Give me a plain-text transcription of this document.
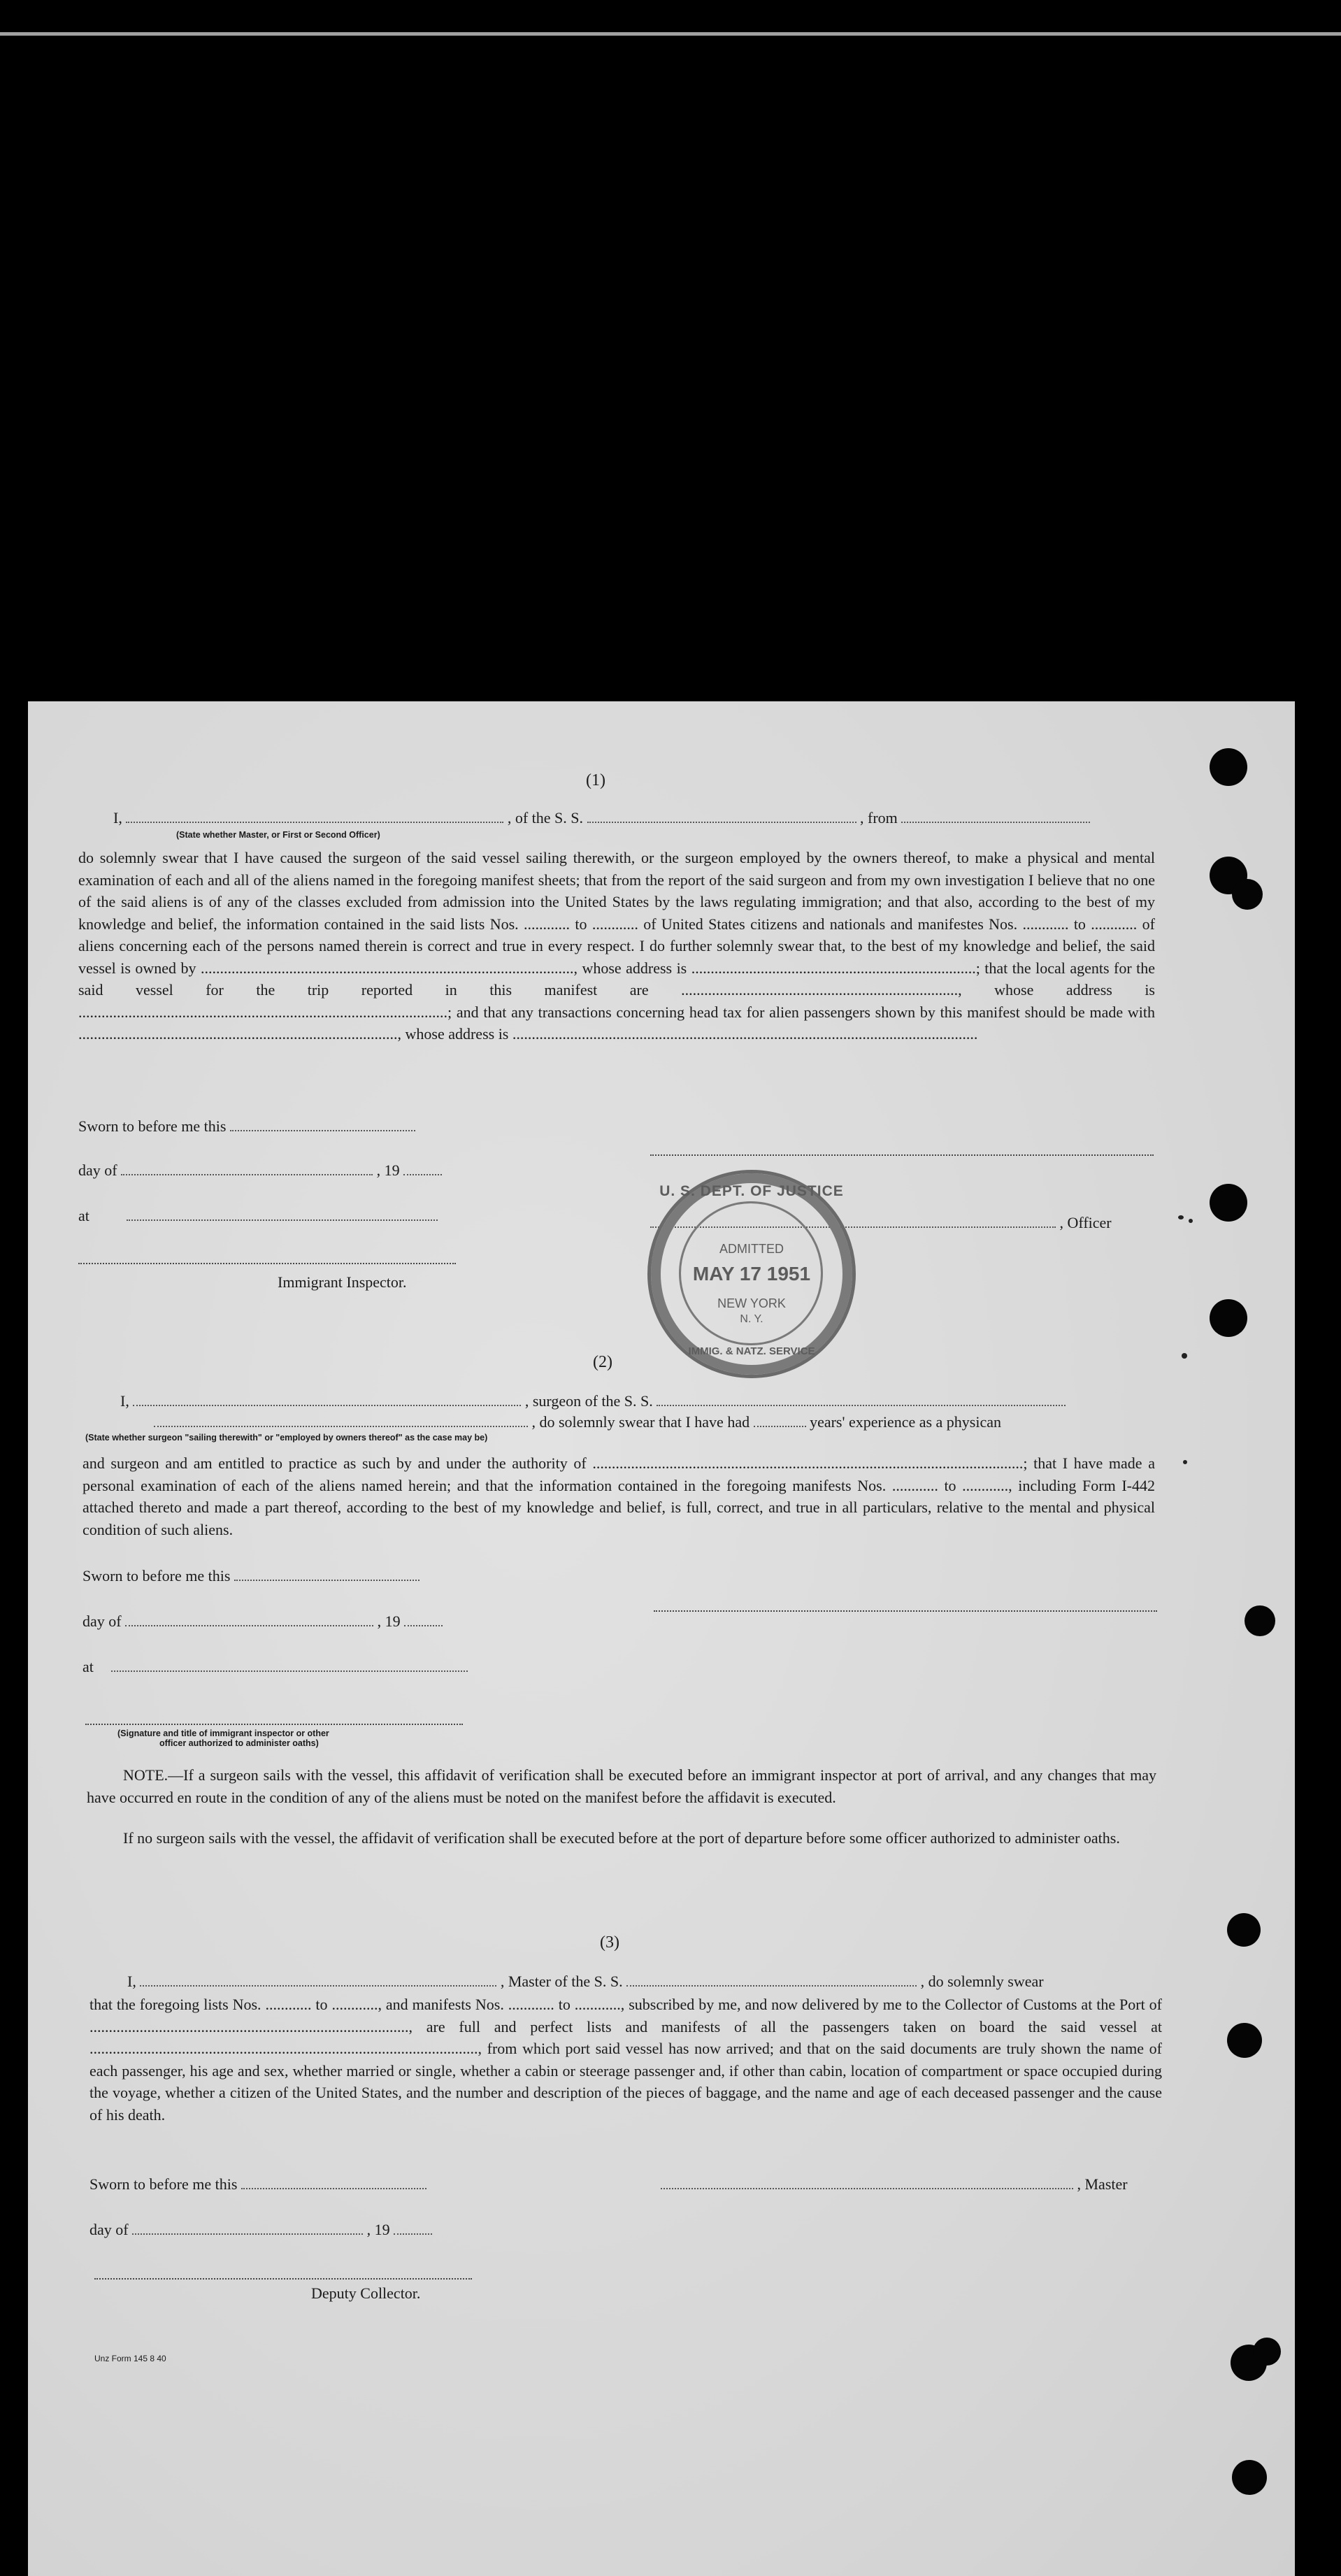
(1)
I,	, of the S. S.	, from
(State whether Master, or First or Second Officer)
do solemnly swear that I have caused the surgeon of the said vessel sailing therewith, or the surgeon employed by the owners thereof, to make a physical and mental examination of each and all of the aliens named in the foregoing manifest sheets; that from the report of the said surgeon and from my own investigation I believe that no one of the said aliens is of any of the classes excluded from admission into the United States by the laws regulating immigration; and that also, according to the best of my knowledge and belief, the information contained in the said lists Nos. ............ to ............ of United States citizens and nationals and manifestes Nos. ............ to ............ of aliens concerning each of the persons named therein is correct and true in every respect. I do further solemnly swear that, to the best of my knowledge and belief, the said vessel is owned by ................................................................................................., whose address is ..........................................................................; that the local agents for the said vessel for the trip reported in this manifest are ........................................................................, whose address is ................................................................................................; and that any transactions concerning head tax for alien passengers shown by this manifest should be made with ..................................................................................., whose address is .........................................................................................................................
Sworn to before me this
day of	, 19
at	, Officer
Immigrant Inspector.
U. S. DEPT. OF JUSTICE
ADMITTED
MAY 17 1951
NEW YORK
N. Y.
IMMIG. & NATZ. SERVICE
(2)
I,	, surgeon of the S. S.
, do solemnly swear that I have had	years' experience as a physican
(State whether surgeon "sailing therewith" or "employed by owners thereof" as the case may be)
and surgeon and am entitled to practice as such by and under the authority of ................................................................................................................; that I have made a personal examination of each of the aliens named herein; and that the information contained in the foregoing manifests Nos. ............ to ............, including Form I-442 attached thereto and made a part thereof, according to the best of my knowledge and belief, is full, correct, and true in all particulars, relative to the mental and physical condition of such aliens.
Sworn to before me this
day of	, 19
at
(Signature and title of immigrant inspector or other
officer authorized to administer oaths)
NOTE.—If a surgeon sails with the vessel, this affidavit of verification shall be executed before an immigrant inspector at port of arrival, and any changes that may have occurred en route in the condition of any of the aliens must be noted on the manifest before the affidavit is executed.
If no surgeon sails with the vessel, the affidavit of verification shall be executed before at the port of departure before some officer authorized to administer oaths.
(3)
I,	, Master of the S. S.	, do solemnly swear
that the foregoing lists Nos. ............ to ............, and manifests Nos. ............ to ............, subscribed by me, and now delivered by me to the Collector of Customs at the Port of ..................................................................................., are full and perfect lists and manifests of all the passengers taken on board the said vessel at ....................................................................................................., from which port said vessel has now arrived; and that on the said documents are truly shown the name of each passenger, his age and sex, whether married or single, whether a cabin or steerage passenger and, if other than cabin, location of compartment or space occupied during the voyage, whether a citizen of the United States, and the number and description of the pieces of baggage, and the name and age of each deceased passenger and the cause of his death.
Sworn to before me this	, Master
day of	, 19
Deputy Collector.
Unz Form 145 8 40
